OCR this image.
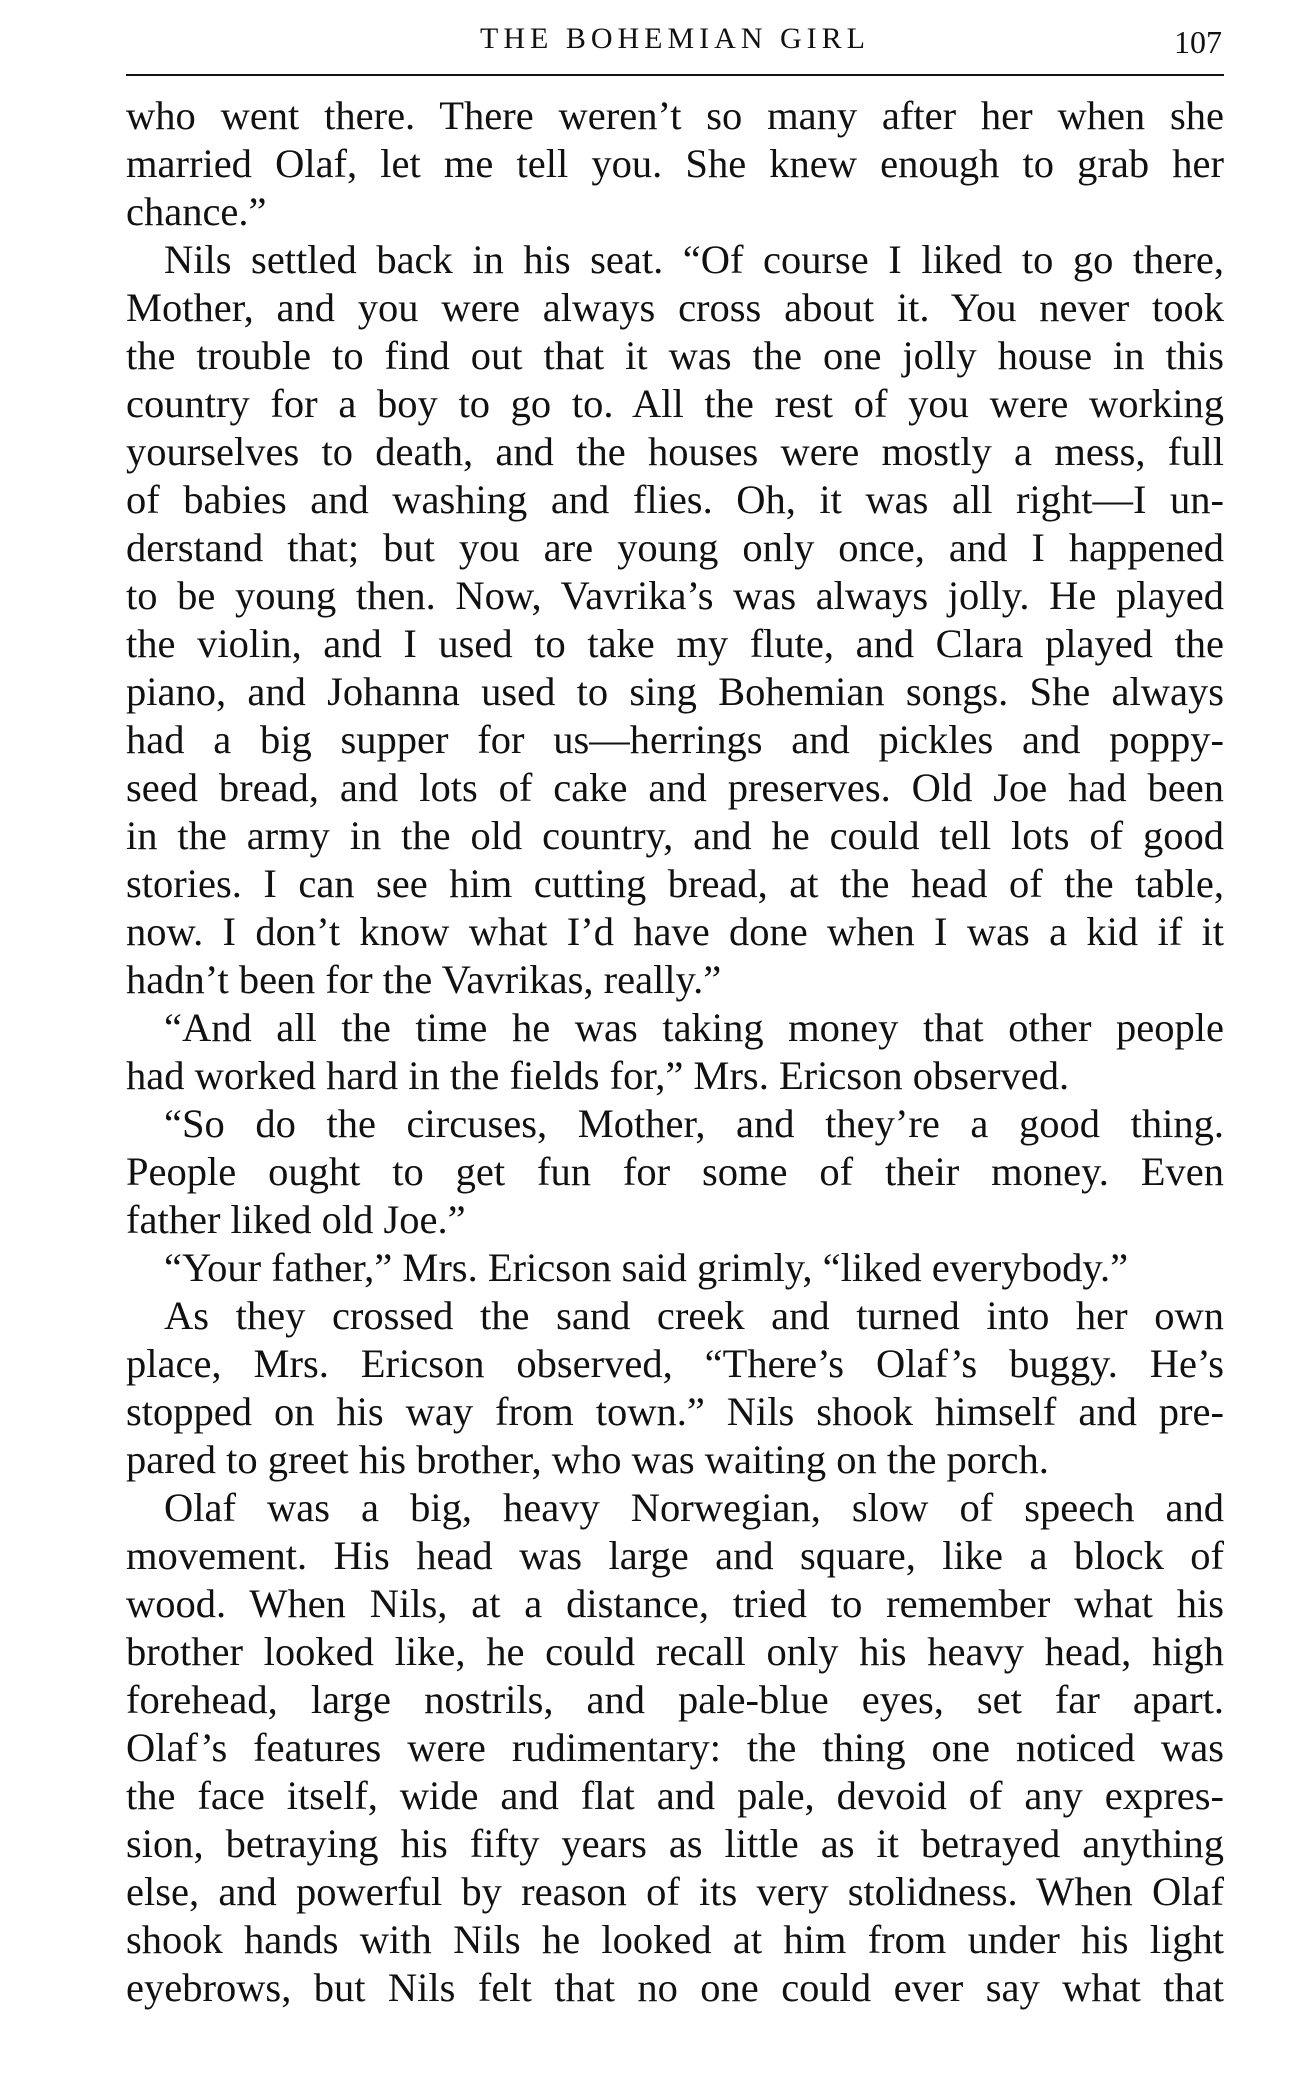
THE BOHEMIAN GIRL	107
who went there. There weren’t so many after her when she
married Olaf, let me tell you. She knew enough to grab her
chance.”
Nils settled back in his seat. “Of course I liked to go there,
Mother, and you were always cross about it. You never took
the trouble to find out that it was the one jolly house in this
country for a boy to go to. All the rest of you were working
yourselves to death, and the houses were mostly a mess, full
of babies and washing and flies. Oh, it was all right—I un-
derstand that; but you are young only once, and I happened
to be young then. Now, Vavrika’s was always jolly. He played
the violin, and I used to take my flute, and Clara played the
piano, and Johanna used to sing Bohemian songs. She always
had a big supper for us—herrings and pickles and poppy-
seed bread, and lots of cake and preserves. Old Joe had been
in the army in the old country, and he could tell lots of good
stories. I can see him cutting bread, at the head of the table,
now. I don’t know what I’d have done when I was a kid if it
hadn’t been for the Vavrikas, really.”
“And all the time he was taking money that other people
had worked hard in the fields for,” Mrs. Ericson observed.
“So do the circuses, Mother, and they’re a good thing.
People ought to get fun for some of their money. Even
father liked old Joe.”
“Your father,” Mrs. Ericson said grimly, “liked everybody.”
As they crossed the sand creek and turned into her own
place, Mrs. Ericson observed, “There’s Olaf’s buggy. He’s
stopped on his way from town.” Nils shook himself and pre-
pared to greet his brother, who was waiting on the porch.
Olaf was a big, heavy Norwegian, slow of speech and
movement. His head was large and square, like a block of
wood. When Nils, at a distance, tried to remember what his
brother looked like, he could recall only his heavy head, high
forehead, large nostrils, and pale-blue eyes, set far apart.
Olaf’s features were rudimentary: the thing one noticed was
the face itself, wide and flat and pale, devoid of any expres-
sion, betraying his fifty years as little as it betrayed anything
else, and powerful by reason of its very stolidness. When Olaf
shook hands with Nils he looked at him from under his light
eyebrows, but Nils felt that no one could ever say what that
